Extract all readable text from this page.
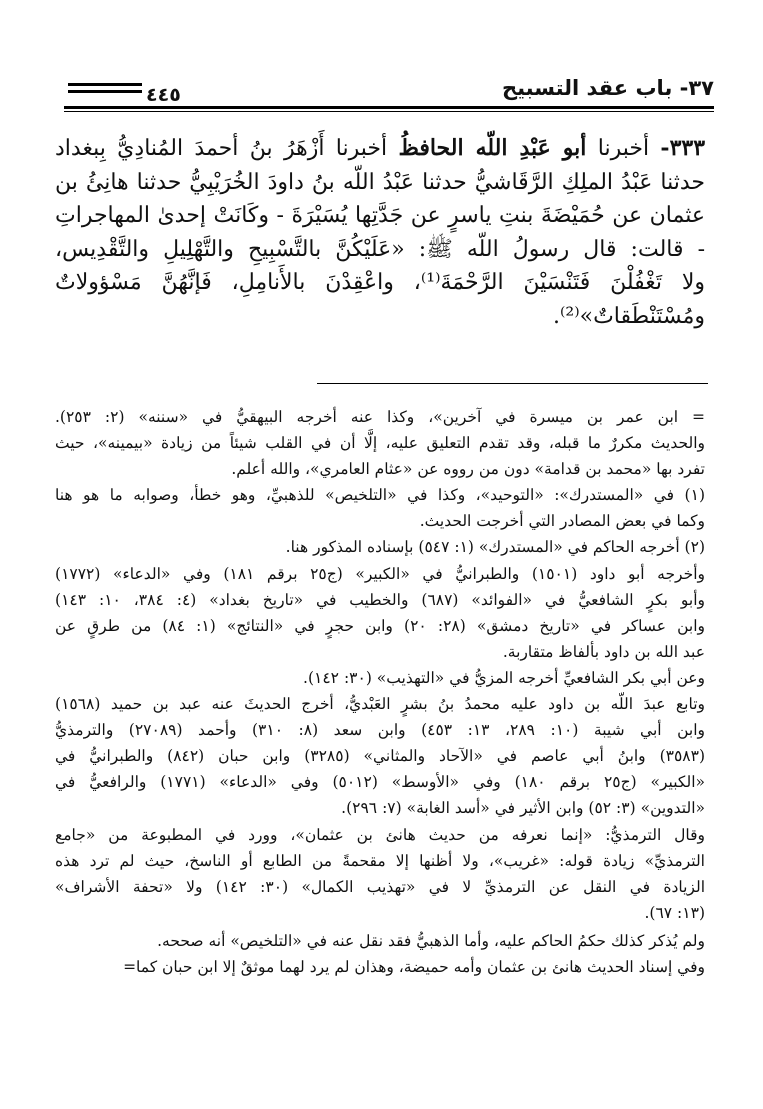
٣٧- باب عقد التسبيح
٤٤٥

٣٣٣- أخبرنا أبو عَبْدِ اللّه الحافظُ أخبرنا أَزْهَرُ بنُ أحمدَ المُنادِيُّ بِبغداد

حدثنا عَبْدُ الملِكِ الرَّقَاشيُّ حدثنا عَبْدُ اللّه بنُ داودَ الخُرَيْبِيُّ حدثنا هانِئُ بن

عثمان عن حُمَيْضَةَ بنتِ ياسرٍ عن جَدَّتِها يُسَيْرَةَ - وكَانَتْ إحدىٰ المهاجراتِ

- قالت: قال رسولُ اللّه ﷺ: «عَلَيْكُنَّ بالتَّسْبِيحِ والتَّهْلِيلِ والتَّقْدِيس،

ولا تَغْفُلْنَ فَتَنْسَيْنَ الرَّحْمَةَ⁽¹⁾، واعْقِدْنَ بالأَنامِلِ، فَإنَّهُنَّ مَسْؤولاتٌ

ومُسْتَنْطَقاتٌ»⁽²⁾.

= ابن عمر بن ميسرة في آخرين»، وكذا عنه أخرجه البيهقيُّ في «سننه» (٢: ٢٥٣).

والحديث مكررٌ ما قبله، وقد تقدم التعليق عليه، إلَّا أن في القلب شيئاً من زيادة «بيمينه»، حيث

تفرد بها «محمد بن قدامة» دون من رووه عن «عثام العامري»، والله أعلم.

(١) في «المستدرك»: «التوحيد»، وكذا في «التلخيص» للذهبيِّ، وهو خطأ، وصوابه ما هو هنا

وكما في بعض المصادر التي أخرجت الحديث.

(٢) أخرجه الحاكم في «المستدرك» (١: ٥٤٧) بإسناده المذكور هنا.

وأخرجه أبو داود (١٥٠١) والطبرانيُّ في «الكبير» (ج٢٥ برقم ١٨١) وفي «الدعاء» (١٧٧٢)

وأبو بكرٍ الشافعيُّ في «الفوائد» (٦٨٧) والخطيب في «تاريخ بغداد» (٤: ٣٨٤، ١٠: ١٤٣)

وابن عساكر في «تاريخ دمشق» (٢٨: ٢٠) وابن حجرٍ في «النتائج» (١: ٨٤) من طرقٍ عن

عبد الله بن داود بألفاظ متقاربة.

وعن أبي بكر الشافعيِّ أخرجه المزيُّ في «التهذيب» (٣٠: ١٤٢).

وتابع عبدَ اللّه بن داود عليه محمدُ بنُ بشرٍ العَبْديُّ، أخرج الحديثَ عنه عبد بن حميد (١٥٦٨)

وابن أبي شيبة (١٠: ٢٨٩، ١٣: ٤٥٣) وابن سعد (٨: ٣١٠) وأحمد (٢٧٠٨٩) والترمذيُّ

(٣٥٨٣) وابنُ أبي عاصم في «الآحاد والمثاني» (٣٢٨٥) وابن حبان (٨٤٢) والطبرانيُّ في

«الكبير» (ج٢٥ برقم ١٨٠) وفي «الأوسط» (٥٠١٢) وفي «الدعاء» (١٧٧١) والرافعيُّ في

«التدوين» (٣: ٥٢) وابن الأثير في «أسد الغابة» (٧: ٢٩٦).

وقال الترمذيُّ: «إنما نعرفه من حديث هانئ بن عثمان»، وورد في المطبوعة من «جامع

الترمذيِّ» زيادة قوله: «غريب»، ولا أظنها إلا مقحمةً من الطابع أو الناسخ، حيث لم ترد هذه

الزيادة في النقل عن الترمذيِّ لا في «تهذيب الكمال» (٣٠: ١٤٢) ولا «تحفة الأشراف»

(١٣: ٦٧).

ولم يُذكر كذلك حكمُ الحاكم عليه، وأما الذهبيُّ فقد نقل عنه في «التلخيص» أنه صححه.

وفي إسناد الحديث هانئ بن عثمان وأمه حميضة، وهذان لم يرد لهما موثقٌ إلا ابن حبان كما=
